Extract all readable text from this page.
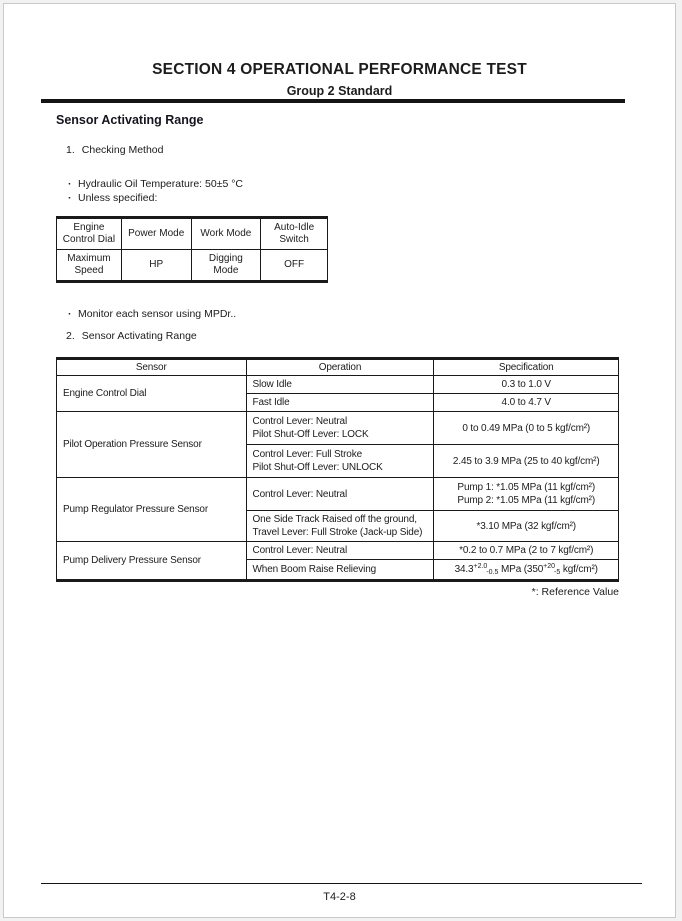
SECTION 4 OPERATIONAL PERFORMANCE TEST
Group 2 Standard
Sensor Activating Range
1. Checking Method
· Hydraulic Oil Temperature: 50±5 °C
· Unless specified:
Engine Control Dial	Power Mode	Work Mode	Auto-Idle Switch
Maximum Speed	HP	Digging Mode	OFF
· Monitor each sensor using MPDr..
2. Sensor Activating Range
Sensor	Operation	Specification
Engine Control Dial	Slow Idle	0.3 to 1.0 V
	Fast Idle	4.0 to 4.7 V
Pilot Operation Pressure Sensor	Control Lever: Neutral
Pilot Shut-Off Lever: LOCK	0 to 0.49 MPa (0 to 5 kgf/cm²)

	Control Lever: Full Stroke
Pilot Shut-Off Lever: UNLOCK	2.45 to 3.9 MPa (25 to 40 kgf/cm²)
Pump Regulator Pressure Sensor	Control Lever: Neutral	Pump 1: *1.05 MPa (11 kgf/cm²)
Pump 2: *1.05 MPa (11 kgf/cm²)

	One Side Track Raised off the ground,
Travel Lever: Full Stroke (Jack-up Side)	*3.10 MPa (32 kgf/cm²)
Pump Delivery Pressure Sensor	Control Lever: Neutral	*0.2 to 0.7 MPa (2 to 7 kgf/cm²)
	When Boom Raise Relieving	$34.3^{+2.0}_{-0.5}$ MPa ($350^{+20}_{-5}$ kgf/cm²)
*: Reference Value
T4-2-8
